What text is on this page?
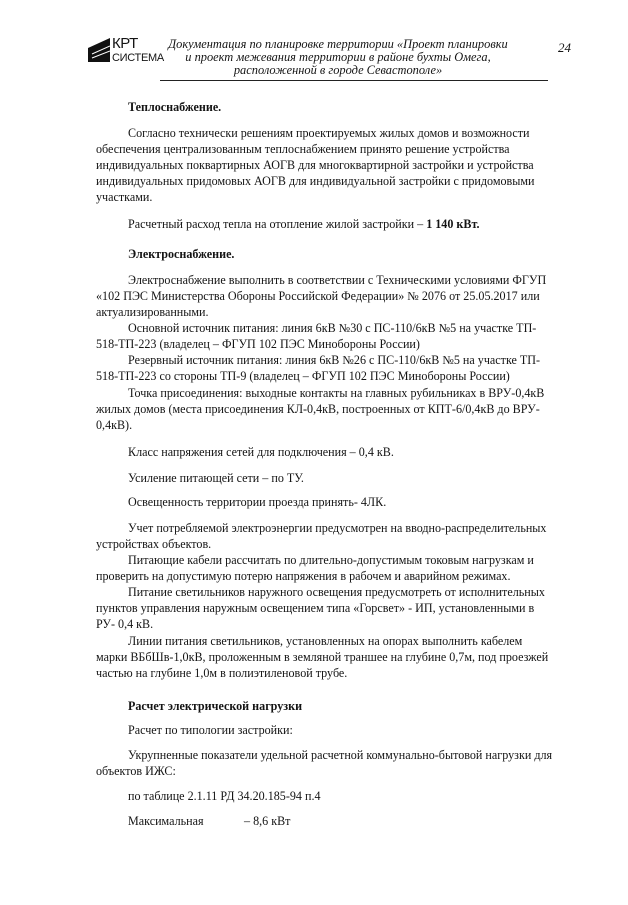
КРТ
СИСТЕМА
Документация по планировке территории «Проект планировки
и проект межевания территории в районе бухты Омега,
расположенной в городе Севастополе»
24
Теплоснабжение.
Согласно технически решениям проектируемых жилых домов и возможности
обеспечения централизованным теплоснабжением принято решение устройства
индивидуальных поквартирных АОГВ для многоквартирной застройки и устройства
индивидуальных придомовых АОГВ для индивидуальной застройки с придомовыми
участками.
Расчетный расход тепла на отопление жилой застройки – 1 140 кВт.
Электроснабжение.
Электроснабжение выполнить в соответствии с Техническими условиями ФГУП
«102 ПЭС Министерства Обороны Российской Федерации» № 2076 от 25.05.2017 или
актуализированными.
Основной источник питания: линия 6кВ №30 с ПС-110/6кВ №5 на участке ТП-
518-ТП-223 (владелец – ФГУП 102 ПЭС Минобороны России)
Резервный источник питания: линия 6кВ №26 с ПС-110/6кВ №5 на участке ТП-
518-ТП-223 со стороны ТП-9 (владелец – ФГУП 102 ПЭС Минобороны России)
Точка присоединения: выходные контакты на главных рубильниках в ВРУ-0,4кВ
жилых домов (места присоединения КЛ-0,4кВ, построенных от КПТ-6/0,4кВ до ВРУ-
0,4кВ).
Класс напряжения сетей для подключения – 0,4 кВ.
Усиление питающей сети – по ТУ.
Освещенность территории проезда принять- 4ЛК.
Учет потребляемой электроэнергии предусмотрен на вводно-распределительных
устройствах объектов.
Питающие кабели рассчитать по длительно-допустимым токовым нагрузкам и
проверить на допустимую потерю напряжения в рабочем и аварийном режимах.
Питание светильников наружного освещения предусмотреть от исполнительных
пунктов управления наружным освещением типа «Горсвет» - ИП, установленными в
РУ- 0,4 кВ.
Линии питания светильников, установленных на опорах выполнить кабелем
марки ВБбШв-1,0кВ, проложенным в земляной траншее на глубине 0,7м, под проезжей
частью на глубине 1,0м в полиэтиленовой трубе.
Расчет электрической нагрузки
Расчет по типологии застройки:
Укрупненные показатели удельной расчетной коммунально-бытовой нагрузки для
объектов ИЖС:
по таблице 2.1.11 РД 34.20.185-94 п.4
Максимальная	– 8,6 кВт
